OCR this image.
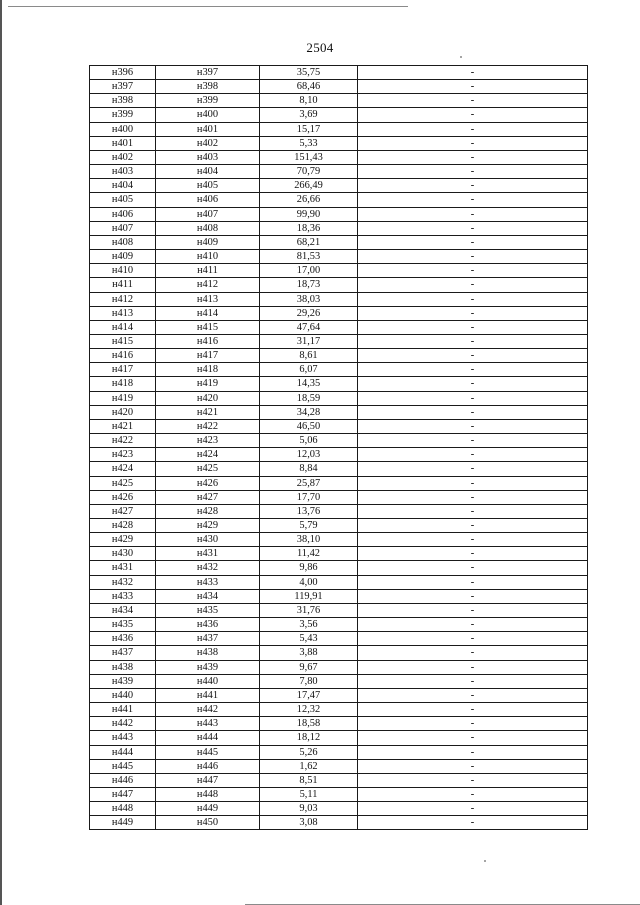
2504
н396	н397	35,75	-
н397	н398	68,46	-
н398	н399	8,10	-
н399	н400	3,69	-
н400	н401	15,17	-
н401	н402	5,33	-
н402	н403	151,43	-
н403	н404	70,79	-
н404	н405	266,49	-
н405	н406	26,66	-
н406	н407	99,90	-
н407	н408	18,36	-
н408	н409	68,21	-
н409	н410	81,53	-
н410	н411	17,00	-
н411	н412	18,73	-
н412	н413	38,03	-
н413	н414	29,26	-
н414	н415	47,64	-
н415	н416	31,17	-
н416	н417	8,61	-
н417	н418	6,07	-
н418	н419	14,35	-
н419	н420	18,59	-
н420	н421	34,28	-
н421	н422	46,50	-
н422	н423	5,06	-
н423	н424	12,03	-
н424	н425	8,84	-
н425	н426	25,87	-
н426	н427	17,70	-
н427	н428	13,76	-
н428	н429	5,79	-
н429	н430	38,10	-
н430	н431	11,42	-
н431	н432	9,86	-
н432	н433	4,00	-
н433	н434	119,91	-
н434	н435	31,76	-
н435	н436	3,56	-
н436	н437	5,43	-
н437	н438	3,88	-
н438	н439	9,67	-
н439	н440	7,80	-
н440	н441	17,47	-
н441	н442	12,32	-
н442	н443	18,58	-
н443	н444	18,12	-
н444	н445	5,26	-
н445	н446	1,62	-
н446	н447	8,51	-
н447	н448	5,11	-
н448	н449	9,03	-
н449	н450	3,08	-
